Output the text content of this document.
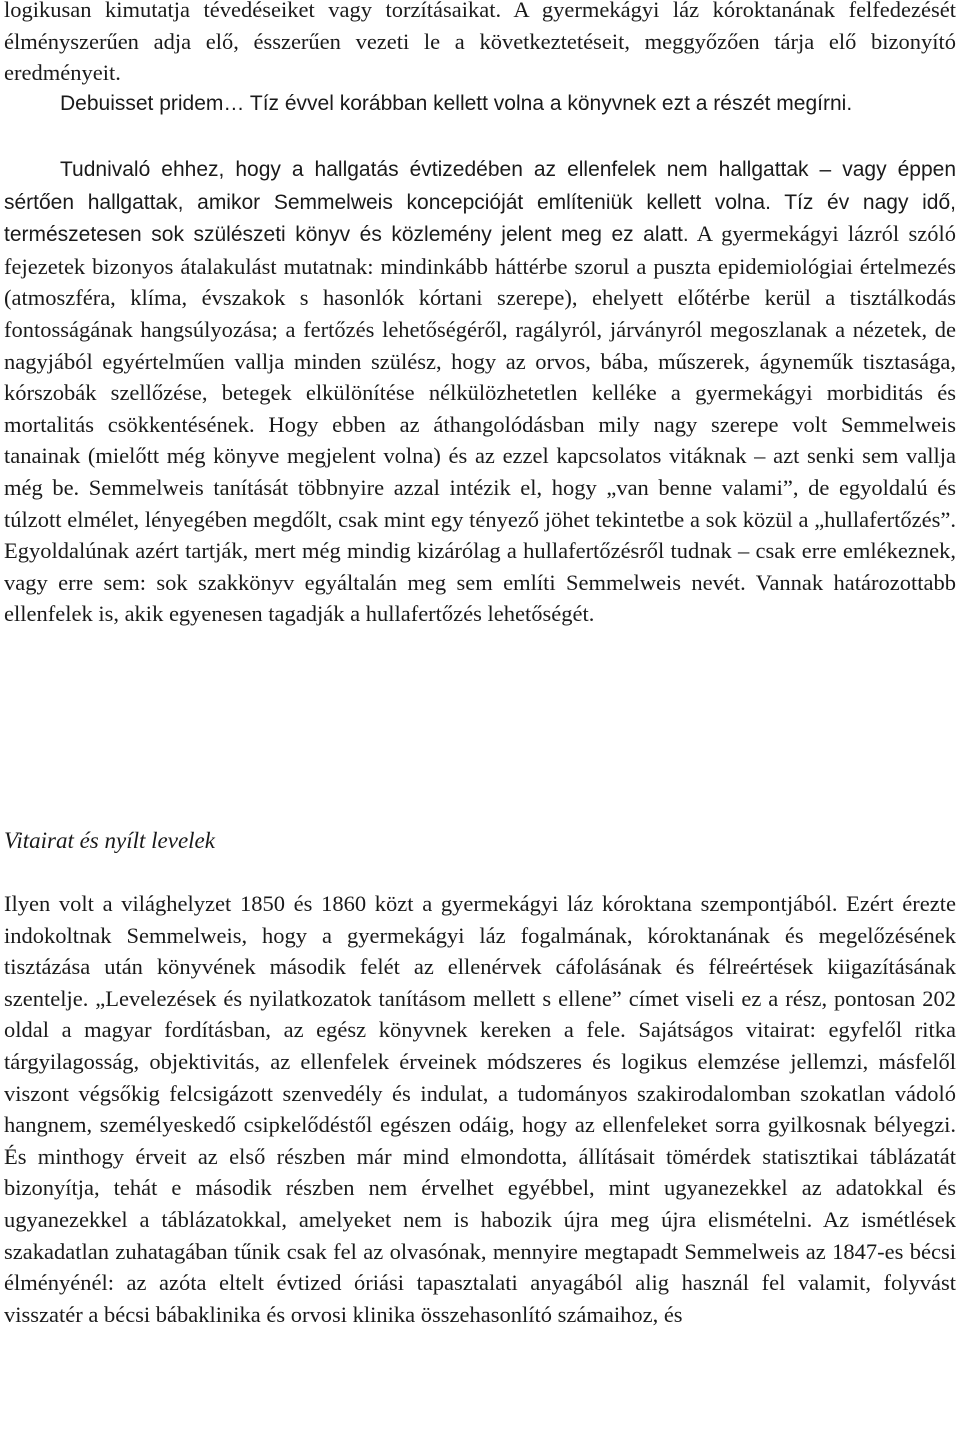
logikusan kimutatja tévedéseiket vagy torzításaikat. A gyermekágyi láz kóroktanának felfedezését élményszerűen adja elő, ésszerűen vezeti le a következtetéseit, meggyőzően tárja elő bizonyító eredményeit.

Debuisset pridem… Tíz évvel korábban kellett volna a könyvnek ezt a részét megírni.

Tudnivaló ehhez, hogy a hallgatás évtizedében az ellenfelek nem hallgattak – vagy éppen sértően hallgattak, amikor Semmelweis koncepcióját említeniük kellett volna. Tíz év nagy idő, természetesen sok szülészeti könyv és közlemény jelent meg ez alatt. A gyermekágyi lázról szóló fejezetek bizonyos átalakulást mutatnak: mindinkább háttérbe szorul a puszta epidemiológiai értelmezés (atmoszféra, klíma, évszakok s hasonlók kórtani szerepe), ehelyett előtérbe kerül a tisztálkodás fontosságának hangsúlyozása; a fertőzés lehetőségéről, ragályról, járványról megoszlanak a nézetek, de nagyjából egyértelműen vallja minden szülész, hogy az orvos, bába, műszerek, ágyneműk tisztasága, kórszobák szellőzése, betegek elkülönítése nélkülözhetetlen kelléke a gyermekágyi morbiditás és mortalitás csökkentésének. Hogy ebben az áthangolódásban mily nagy szerepe volt Semmelweis tanainak (mielőtt még könyve megjelent volna) és az ezzel kapcsolatos vitáknak – azt senki sem vallja még be. Semmelweis tanítását többnyire azzal intézik el, hogy „van benne valami”, de egyoldalú és túlzott elmélet, lényegében megdőlt, csak mint egy tényező jöhet tekintetbe a sok közül a „hullafertőzés”. Egyoldalúnak azért tartják, mert még mindig kizárólag a hullafertőzésről tudnak – csak erre emlékeznek, vagy erre sem: sok szakkönyv egyáltalán meg sem említi Semmelweis nevét. Vannak határozottabb ellenfelek is, akik egyenesen tagadják a hullafertőzés lehetőségét.

Vitairat és nyílt levelek

Ilyen volt a világhelyzet 1850 és 1860 közt a gyermekágyi láz kóroktana szempontjából. Ezért érezte indokoltnak Semmelweis, hogy a gyermekágyi láz fogalmának, kóroktanának és megelőzésének tisztázása után könyvének második felét az ellenérvek cáfolásának és félreértések kiigazításának szentelje. „Levelezések és nyilatkozatok tanításom mellett s ellene” címet viseli ez a rész, pontosan 202 oldal a magyar fordításban, az egész könyvnek kereken a fele. Sajátságos vitairat: egyfelől ritka tárgyilagosság, objektivitás, az ellenfelek érveinek módszeres és logikus elemzése jellemzi, másfelől viszont végsőkig felcsigázott szenvedély és indulat, a tudományos szakirodalomban szokatlan vádoló hangnem, személyeskedő csipkelődéstől egészen odáig, hogy az ellenfeleket sorra gyilkosnak bélyegzi. És minthogy érveit az első részben már mind elmondotta, állításait tömérdek statisztikai táblázatát bizonyítja, tehát e második részben nem érvelhet egyébbel, mint ugyanezekkel az adatokkal és ugyanezekkel a táblázatokkal, amelyeket nem is habozik újra meg újra elismételni. Az ismétlések szakadatlan zuhatagában tűnik csak fel az olvasónak, mennyire megtapadt Semmelweis az 1847-es bécsi élményénél: az azóta eltelt évtized óriási tapasztalati anyagából alig használ fel valamit, folyvást visszatér a bécsi bábaklinika és orvosi klinika összehasonlító számaihoz, és
